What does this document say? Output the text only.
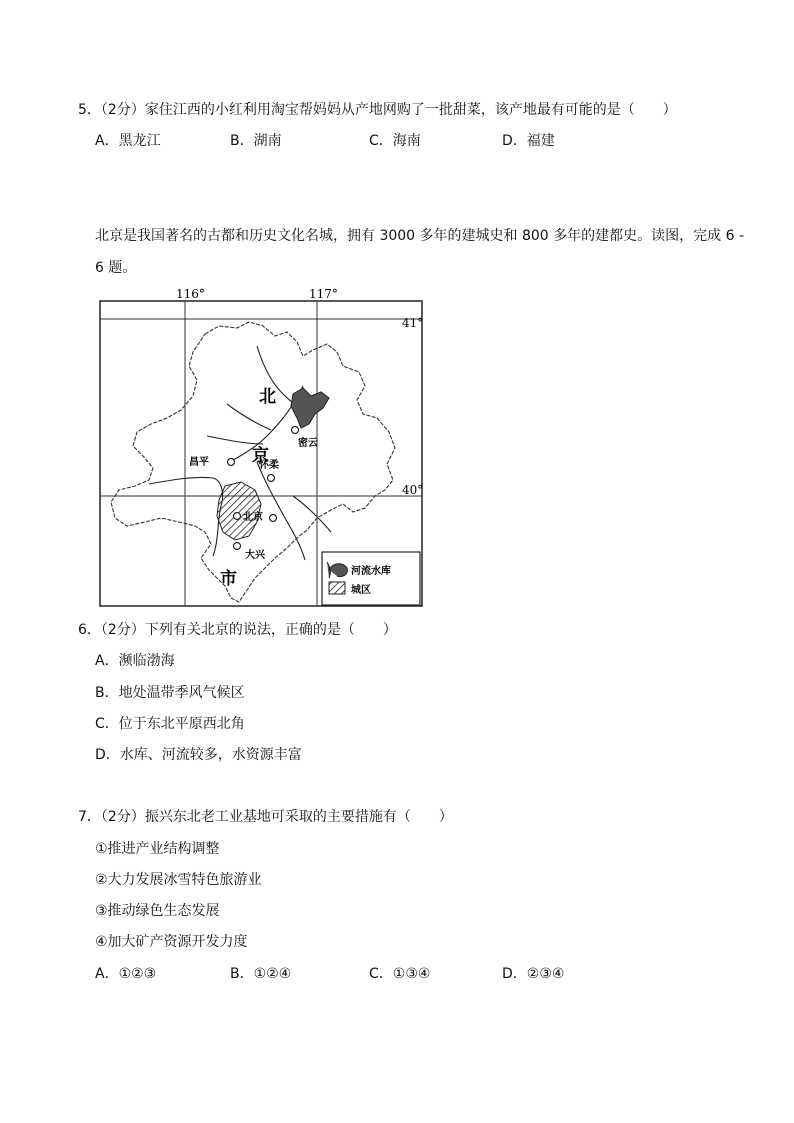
5．（2分）家住江西的小红利用淘宝帮妈妈从产地网购了一批甜菜，该产地最有可能的是（　　）
A．黑龙江	B．湖南	C．海南	D．福建
北京是我国著名的古都和历史文化名城，拥有 3000 多年的建城史和 800 多年的建都史。读图，完成 6 -
6 题。
116°	117°
41°
40°
北
京
市
密云
怀柔
昌平
北京
大兴
河流水库
城区
6．（2分）下列有关北京的说法，正确的是（　　）
A．濒临渤海
B．地处温带季风气候区
C．位于东北平原西北角
D．水库、河流较多，水资源丰富
7．（2分）振兴东北老工业基地可采取的主要措施有（　　）
①推进产业结构调整
②大力发展冰雪特色旅游业
③推动绿色生态发展
④加大矿产资源开发力度
A．①②③	B．①②④	C．①③④	D．②③④
